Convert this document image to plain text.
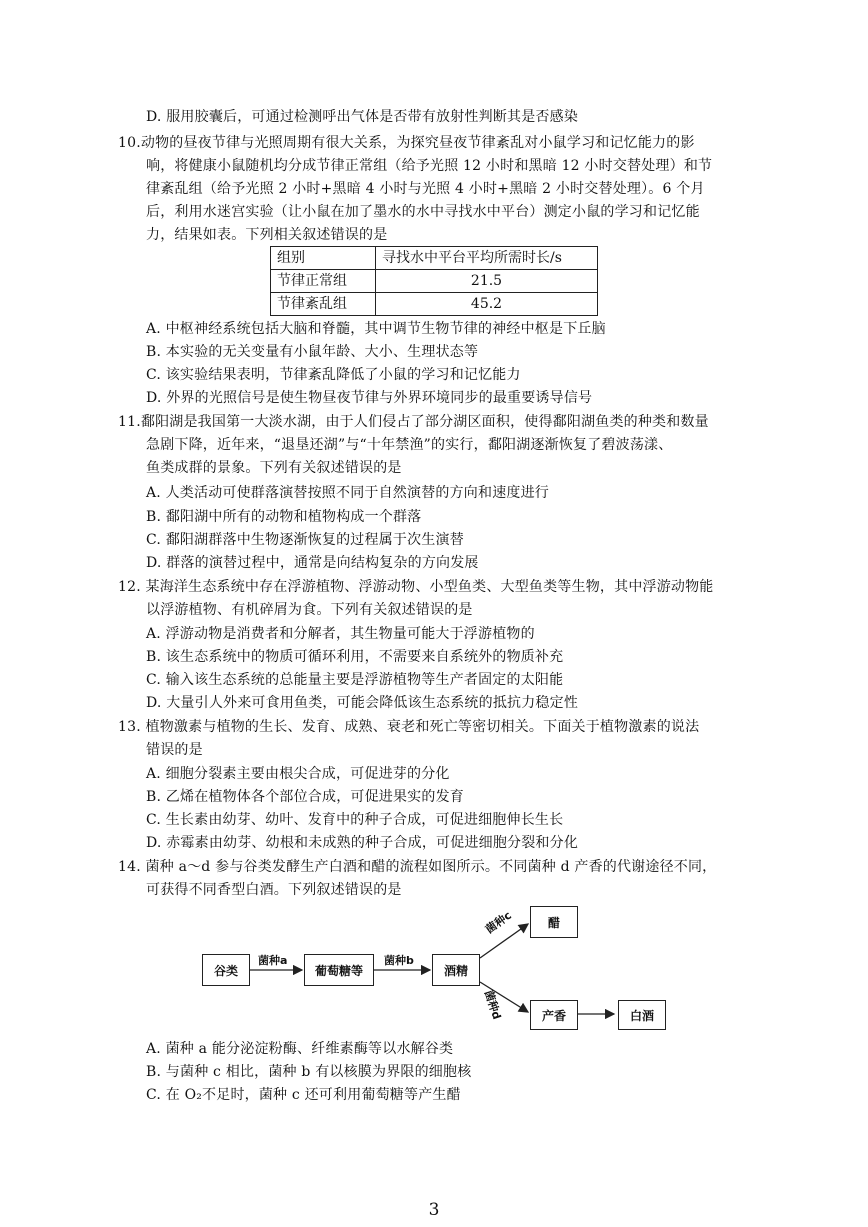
D. 服用胶囊后，可通过检测呼出气体是否带有放射性判断其是否感染
10.动物的昼夜节律与光照周期有很大关系，为探究昼夜节律紊乱对小鼠学习和记忆能力的影
响，将健康小鼠随机均分成节律正常组（给予光照 12 小时和黑暗 12 小时交替处理）和节
律紊乱组（给予光照 2 小时+黑暗 4 小时与光照 4 小时+黑暗 2 小时交替处理）。6 个月
后，利用水迷宫实验（让小鼠在加了墨水的水中寻找水中平台）测定小鼠的学习和记忆能
力，结果如表。下列相关叙述错误的是
组别	寻找水中平台平均所需时长/s
节律正常组	21.5
节律紊乱组	45.2
A. 中枢神经系统包括大脑和脊髓，其中调节生物节律的神经中枢是下丘脑
B. 本实验的无关变量有小鼠年龄、大小、生理状态等
C. 该实验结果表明，节律紊乱降低了小鼠的学习和记忆能力
D. 外界的光照信号是使生物昼夜节律与外界环境同步的最重要诱导信号
11.鄱阳湖是我国第一大淡水湖，由于人们侵占了部分湖区面积，使得鄱阳湖鱼类的种类和数量
急剧下降，近年来，“退垦还湖”与“十年禁渔”的实行，鄱阳湖逐渐恢复了碧波荡漾、
鱼类成群的景象。下列有关叙述错误的是
A. 人类活动可使群落演替按照不同于自然演替的方向和速度进行
B. 鄱阳湖中所有的动物和植物构成一个群落
C. 鄱阳湖群落中生物逐渐恢复的过程属于次生演替
D. 群落的演替过程中，通常是向结构复杂的方向发展
12. 某海洋生态系统中存在浮游植物、浮游动物、小型鱼类、大型鱼类等生物，其中浮游动物能
以浮游植物、有机碎屑为食。下列有关叙述错误的是
A. 浮游动物是消费者和分解者，其生物量可能大于浮游植物的
B. 该生态系统中的物质可循环利用，不需要来自系统外的物质补充
C. 输入该生态系统的总能量主要是浮游植物等生产者固定的太阳能
D. 大量引人外来可食用鱼类，可能会降低该生态系统的抵抗力稳定性
13. 植物激素与植物的生长、发育、成熟、衰老和死亡等密切相关。下面关于植物激素的说法
错误的是
A. 细胞分裂素主要由根尖合成，可促进芽的分化
B. 乙烯在植物体各个部位合成，可促进果实的发育
C. 生长素由幼芽、幼叶、发育中的种子合成，可促进细胞伸长生长
D. 赤霉素由幼芽、幼根和未成熟的种子合成，可促进细胞分裂和分化
14. 菌种 a～d 参与谷类发酵生产白酒和醋的流程如图所示。不同菌种 d 产香的代谢途径不同，
可获得不同香型白酒。下列叙述错误的是
谷类	葡萄糖等	酒精
醋
产香	白酒
菌种a	菌种b
菌种c
菌种d
A. 菌种 a 能分泌淀粉酶、纤维素酶等以水解谷类
B. 与菌种 c 相比，菌种 b 有以核膜为界限的细胞核
C. 在 O₂不足时，菌种 c 还可利用葡萄糖等产生醋
3
